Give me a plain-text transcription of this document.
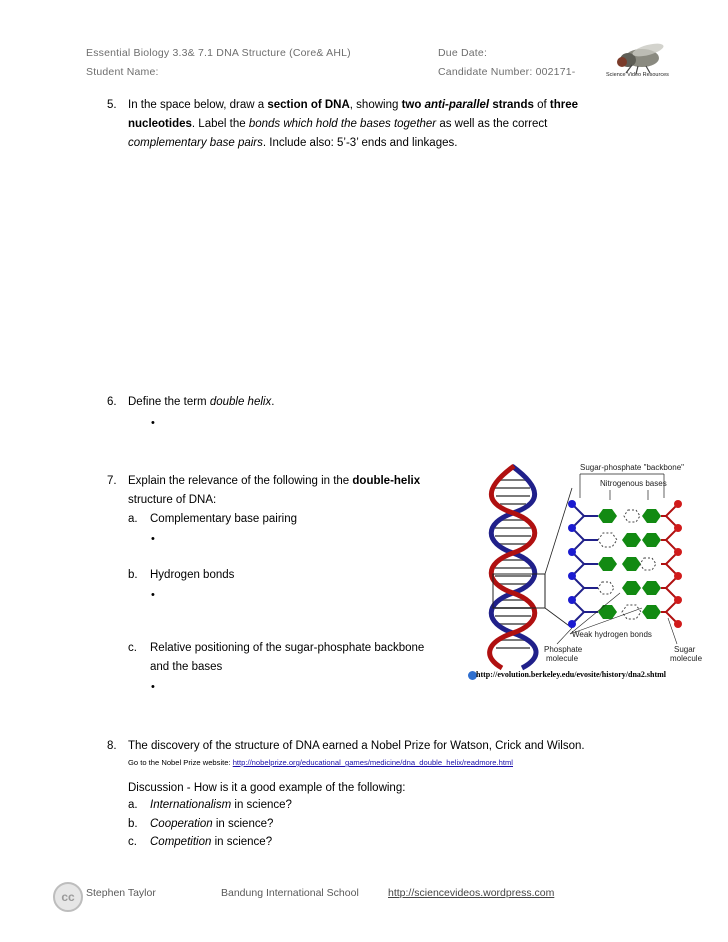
Essential Biology 3.3& 7.1 DNA Structure (Core& AHL)	Due Date:
Student Name:	Candidate Number: 002171-	Science Video Resources
5. In the space below, draw a section of DNA, showing two anti-parallel strands of three
nucleotides. Label the bonds which hold the bases together as well as the correct
complementary base pairs. Include also: 5’-3’ ends and linkages.
6. Define the term double helix.
•
7. Explain the relevance of the following in the double-helix
structure of DNA:
a. Complementary base pairing
•
b. Hydrogen bonds
•
c. Relative positioning of the sugar-phosphate backbone
and the bases
•
Sugar-phosphate "backbone"
Nitrogenous bases
Weak hydrogen bonds
Phosphate
molecule
Sugar
molecule
http://evolution.berkeley.edu/evosite/history/dna2.shtml
8. The discovery of the structure of DNA earned a Nobel Prize for Watson, Crick and Wilson.
Go to the Nobel Prize website: http://nobelprize.org/educational_games/medicine/dna_double_helix/readmore.html
Discussion - How is it a good example of the following:
a. Internationalism in science?
b. Cooperation in science?
c. Competition in science?
cc	Stephen Taylor	Bandung International School	http://sciencevideos.wordpress.com
